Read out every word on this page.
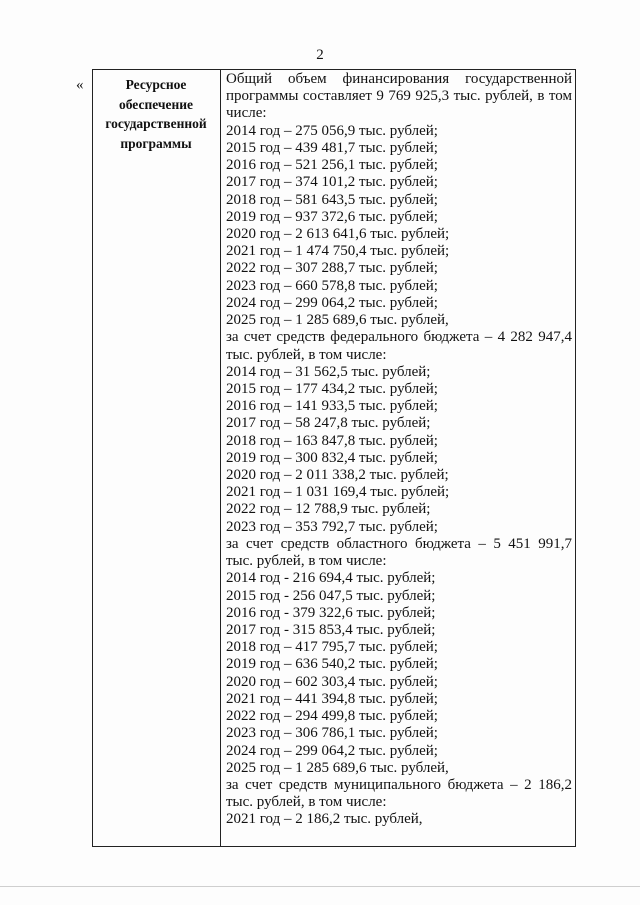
2
«	Ресурсное
обеспечение
государственной
программы
Общий объем финансирования государственной
программы составляет 9 769 925,3 тыс. рублей, в том
числе:
2014 год – 275 056,9 тыс. рублей;
2015 год – 439 481,7 тыс. рублей;
2016 год – 521 256,1 тыс. рублей;
2017 год – 374 101,2 тыс. рублей;
2018 год – 581 643,5 тыс. рублей;
2019 год – 937 372,6 тыс. рублей;
2020 год – 2 613 641,6 тыс. рублей;
2021 год – 1 474 750,4 тыс. рублей;
2022 год – 307 288,7 тыс. рублей;
2023 год – 660 578,8 тыс. рублей;
2024 год – 299 064,2 тыс. рублей;
2025 год – 1 285 689,6 тыс. рублей,
за счет средств федерального бюджета – 4 282 947,4
тыс. рублей, в том числе:
2014 год – 31 562,5 тыс. рублей;
2015 год – 177 434,2 тыс. рублей;
2016 год – 141 933,5 тыс. рублей;
2017 год – 58 247,8 тыс. рублей;
2018 год – 163 847,8 тыс. рублей;
2019 год – 300 832,4 тыс. рублей;
2020 год – 2 011 338,2 тыс. рублей;
2021 год – 1 031 169,4 тыс. рублей;
2022 год – 12 788,9 тыс. рублей;
2023 год – 353 792,7 тыс. рублей;
за счет средств областного бюджета – 5 451 991,7
тыс. рублей, в том числе:
2014 год - 216 694,4 тыс. рублей;
2015 год - 256 047,5 тыс. рублей;
2016 год - 379 322,6 тыс. рублей;
2017 год - 315 853,4 тыс. рублей;
2018 год – 417 795,7 тыс. рублей;
2019 год – 636 540,2 тыс. рублей;
2020 год – 602 303,4 тыс. рублей;
2021 год – 441 394,8 тыс. рублей;
2022 год – 294 499,8 тыс. рублей;
2023 год – 306 786,1 тыс. рублей;
2024 год – 299 064,2 тыс. рублей;
2025 год – 1 285 689,6 тыс. рублей,
за счет средств муниципального бюджета – 2 186,2
тыс. рублей, в том числе:
2021 год – 2 186,2 тыс. рублей,
